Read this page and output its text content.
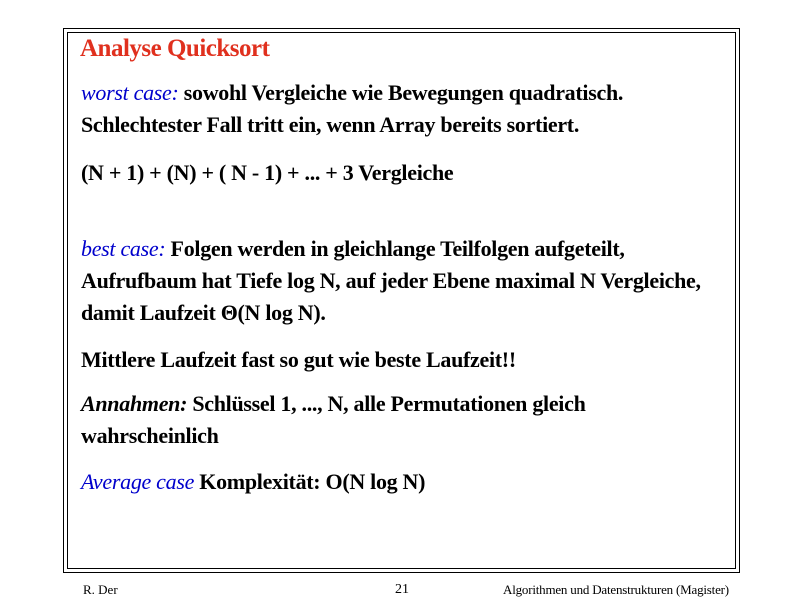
Analyse Quicksort

worst case: sowohl Vergleiche wie Bewegungen quadratisch.
Schlechtester Fall tritt ein, wenn Array bereits sortiert.

(N + 1) + (N) + ( N - 1) + ... + 3 Vergleiche

best case: Folgen werden in gleichlange Teilfolgen aufgeteilt, Aufrufbaum hat Tiefe log N, auf jeder Ebene maximal N Vergleiche, damit Laufzeit Θ(N log N).

Mittlere Laufzeit fast so gut wie beste Laufzeit!!

Annahmen: Schlüssel 1, ..., N, alle Permutationen gleich wahrscheinlich

Average case Komplexität: O(N log N)

R. Der	21	Algorithmen und Datenstrukturen (Magister)
